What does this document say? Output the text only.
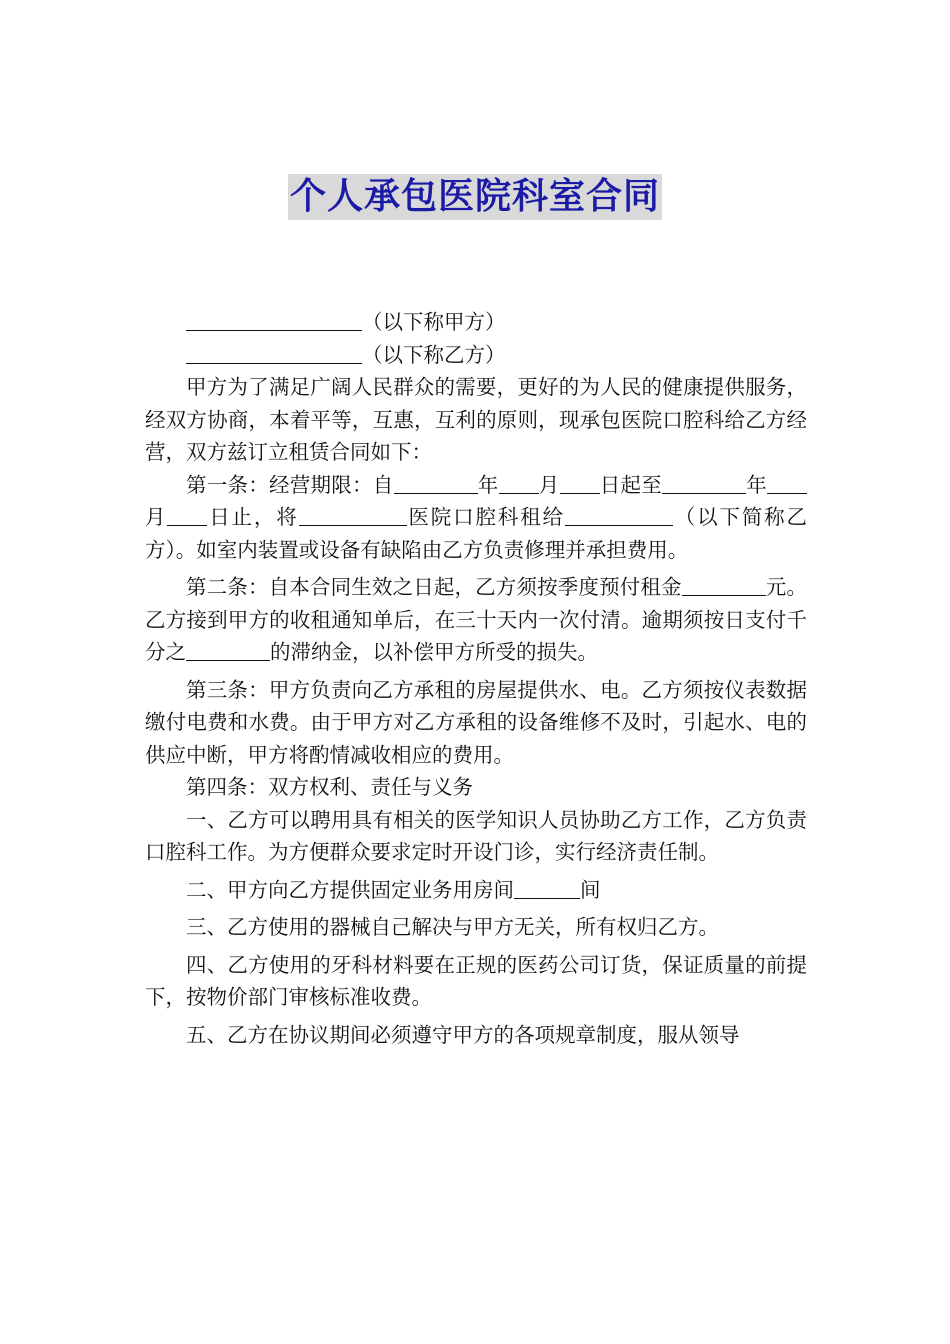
个人承包医院科室合同

（以下称甲方）

（以下称乙方）

甲方为了满足广阔人民群众的需要，更好的为人民的健康提供服务，经双方协商，本着平等，互惠，互利的原则，现承包医院口腔科给乙方经营，双方兹订立租赁合同如下：

第一条：经营期限：自	年 月 日起至	年月 日止，将	医院口腔科租给	（以下简称乙方）。如室内装置或设备有缺陷由乙方负责修理并承担费用。

第二条：自本合同生效之日起，乙方须按季度预付租金	元。乙方接到甲方的收租通知单后，在三十天内一次付清。逾期须按日支付千分之	的滞纳金，以补偿甲方所受的损失。

第三条：甲方负责向乙方承租的房屋提供水、电。乙方须按仪表数据缴付电费和水费。由于甲方对乙方承租的设备维修不及时，引起水、电的供应中断，甲方将酌情减收相应的费用。

第四条：双方权利、责任与义务

一、乙方可以聘用具有相关的医学知识人员协助乙方工作，乙方负责口腔科工作。为方便群众要求定时开设门诊，实行经济责任制。

二、甲方向乙方提供固定业务用房间	间

三、乙方使用的器械自己解决与甲方无关，所有权归乙方。

四、乙方使用的牙科材料要在正规的医药公司订货，保证质量的前提下，按物价部门审核标准收费。

五、乙方在协议期间必须遵守甲方的各项规章制度，服从领导
